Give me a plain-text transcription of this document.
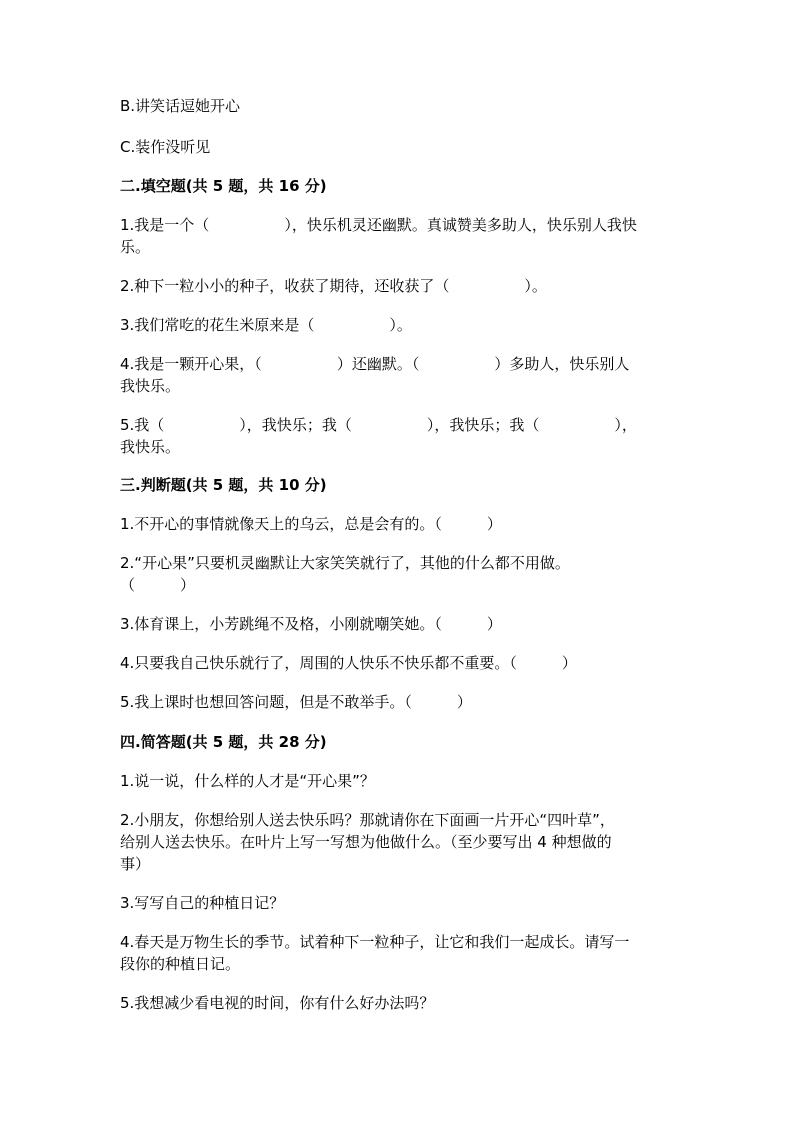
B.讲笑话逗她开心
C.装作没听见
二.填空题(共 5 题，共 16 分)
1.我是一个（　　　　　），快乐机灵还幽默。真诚赞美多助人，快乐别人我快
乐。
2.种下一粒小小的种子，收获了期待，还收获了（　　　　　）。
3.我们常吃的花生米原来是（　　　　　）。
4.我是一颗开心果，（　　　　　）还幽默。（　　　　　）多助人，快乐别人
我快乐。
5.我（　　　　　），我快乐；我（　　　　　），我快乐；我（　　　　　），
我快乐。
三.判断题(共 5 题，共 10 分)
1.不开心的事情就像天上的乌云，总是会有的。（　　　）
2.“开心果”只要机灵幽默让大家笑笑就行了，其他的什么都不用做。
（　　　）
3.体育课上，小芳跳绳不及格，小刚就嘲笑她。（　　　）
4.只要我自己快乐就行了，周围的人快乐不快乐都不重要。（　　　）
5.我上课时也想回答问题，但是不敢举手。（　　　）
四.简答题(共 5 题，共 28 分)
1.说一说，什么样的人才是“开心果”？
2.小朋友，你想给别人送去快乐吗？那就请你在下面画一片开心“四叶草”，
给别人送去快乐。在叶片上写一写想为他做什么。（至少要写出 4 种想做的
事）
3.写写自己的种植日记？
4.春天是万物生长的季节。试着种下一粒种子，让它和我们一起成长。请写一
段你的种植日记。
5.我想减少看电视的时间，你有什么好办法吗？
